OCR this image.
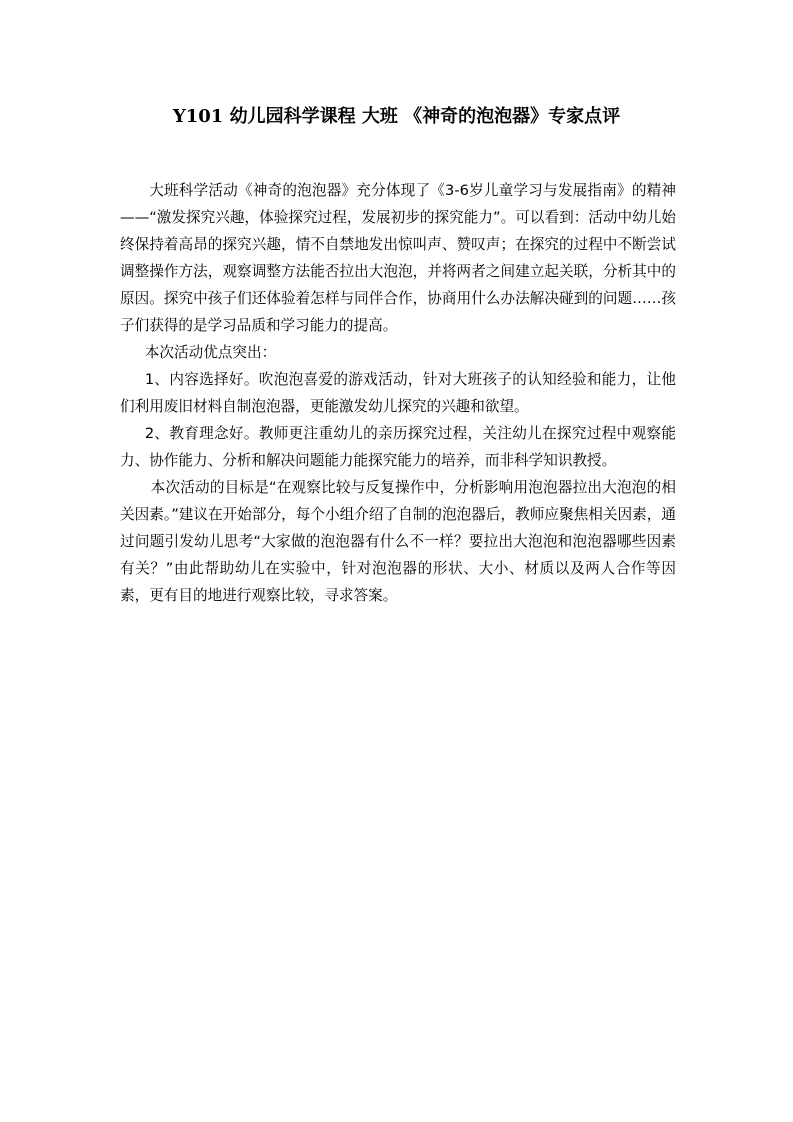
Y101 幼儿园科学课程 大班 《神奇的泡泡器》专家点评

大班科学活动《神奇的泡泡器》充分体现了《3-6岁儿童学习与发展指南》的精神——“激发探究兴趣，体验探究过程，发展初步的探究能力”。可以看到：活动中幼儿始终保持着高昂的探究兴趣，情不自禁地发出惊叫声、赞叹声；在探究的过程中不断尝试调整操作方法，观察调整方法能否拉出大泡泡，并将两者之间建立起关联，分析其中的原因。探究中孩子们还体验着怎样与同伴合作，协商用什么办法解决碰到的问题……孩子们获得的是学习品质和学习能力的提高。

本次活动优点突出：

1、内容选择好。吹泡泡喜爱的游戏活动，针对大班孩子的认知经验和能力，让他们利用废旧材料自制泡泡器，更能激发幼儿探究的兴趣和欲望。

2、教育理念好。教师更注重幼儿的亲历探究过程，关注幼儿在探究过程中观察能力、协作能力、分析和解决问题能力能探究能力的培养，而非科学知识教授。

本次活动的目标是“在观察比较与反复操作中，分析影响用泡泡器拉出大泡泡的相关因素。”建议在开始部分，每个小组介绍了自制的泡泡器后，教师应聚焦相关因素，通过问题引发幼儿思考“大家做的泡泡器有什么不一样？要拉出大泡泡和泡泡器哪些因素有关？”由此帮助幼儿在实验中，针对泡泡器的形状、大小、材质以及两人合作等因素，更有目的地进行观察比较，寻求答案。
